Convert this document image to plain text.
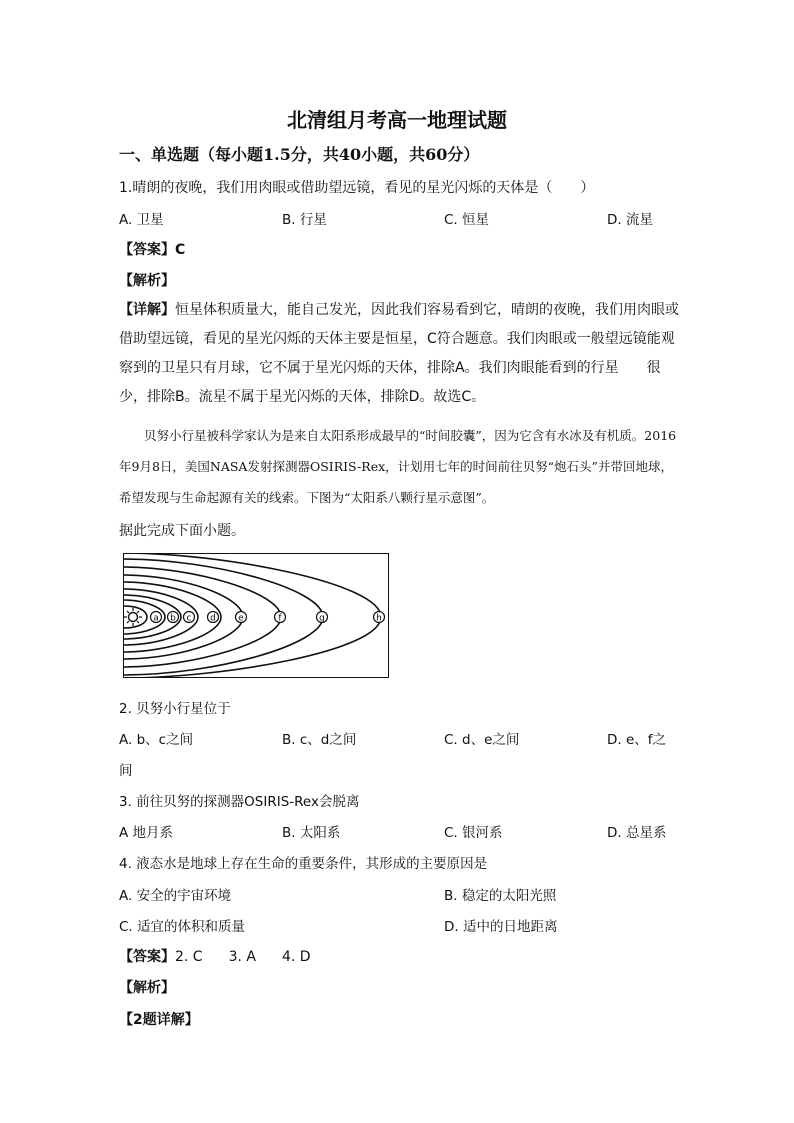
北清组月考高一地理试题
一、单选题（每小题1.5分，共40小题，共60分）
1.晴朗的夜晚，我们用肉眼或借助望远镜，看见的星光闪烁的天体是（　　）
A. 卫星	B. 行星	C. 恒星	D. 流星
【答案】C
【解析】
【详解】恒星体积质量大，能自己发光，因此我们容易看到它，晴朗的夜晚，我们用肉眼或借助望远镜，看见的星光闪烁的天体主要是恒星，C符合题意。我们肉眼或一般望远镜能观察到的卫星只有月球，它不属于星光闪烁的天体，排除A。我们肉眼能看到的行星　　很少，排除B。流星不属于星光闪烁的天体，排除D。故选C。
贝努小行星被科学家认为是来自太阳系形成最早的“时间胶囊”，因为它含有水冰及有机质。2016年9月8日，美国NASA发射探测器OSIRIS-Rex，计划用七年的时间前往贝努“炮石头”并带回地球，希望发现与生命起源有关的线索。下图为“太阳系八颗行星示意图”。
据此完成下面小题。
a b c d e	f	g	h
2. 贝努小行星位于
A. b、c之间	B. c、d之间	C. d、e之间	D. e、f之
间
3. 前往贝努的探测器OSIRIS-Rex会脱离
A 地月系	B. 太阳系	C. 银河系	D. 总星系
4. 液态水是地球上存在生命的重要条件，其形成的主要原因是
A. 安全的宇宙环境	B. 稳定的太阳光照
C. 适宜的体积和质量	D. 适中的日地距离
【答案】2. C 3. A 4. D
【解析】
【2题详解】
